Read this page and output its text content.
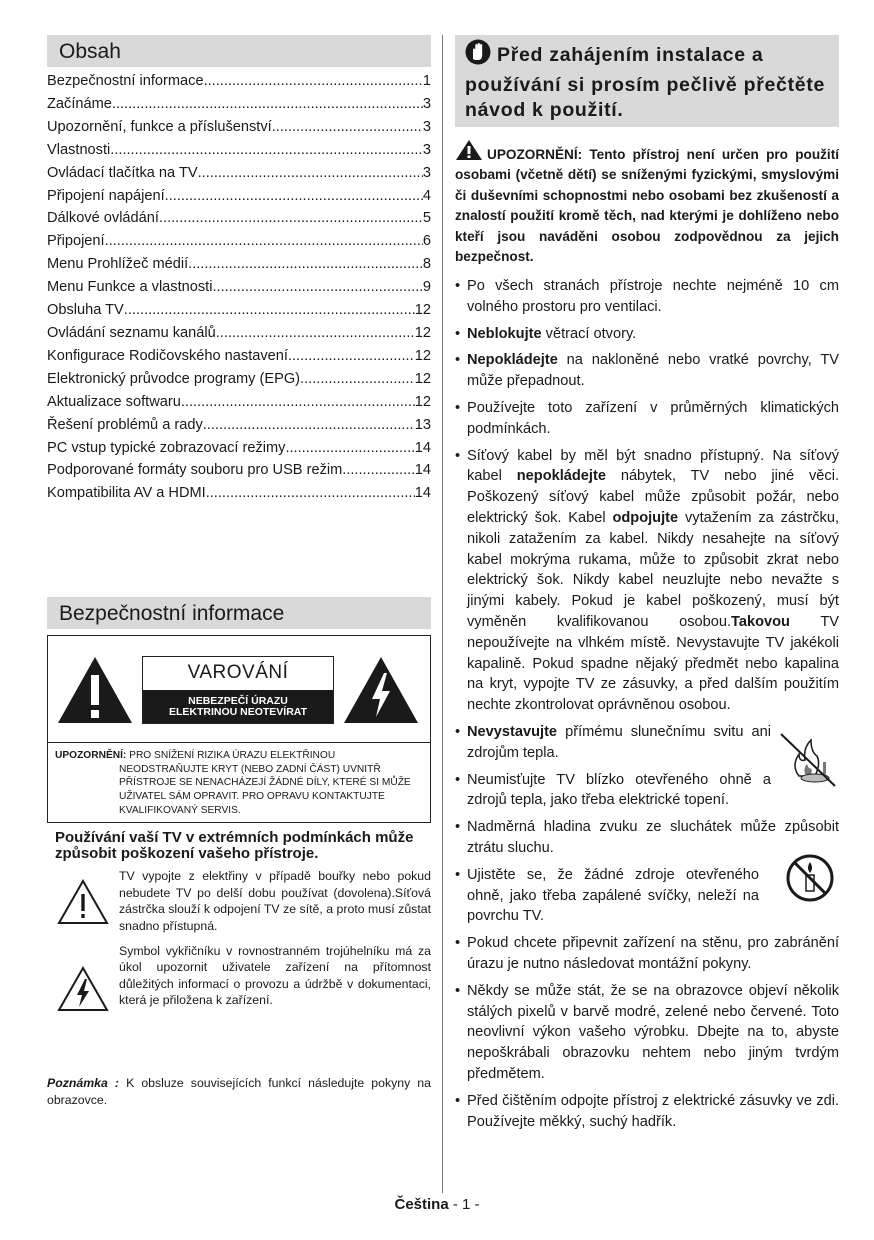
Obsah
Bezpečnostní informace .....	1
Začínáme .....	3
Upozornění, funkce a příslušenství .....	3
Vlastnosti .....	3
Ovládací tlačítka na TV .....	3
Připojení napájení .....	4
Dálkové ovládání .....	5
Připojení .....	6
Menu Prohlížeč médií .....	8
Menu Funkce a vlastnosti .....	9
Obsluha TV .....	12
Ovládání seznamu kanálů .....	12
Konfigurace Rodičovského nastavení .....	12
Elektronický průvodce programy (EPG) .....	12
Aktualizace softwaru .....	12
Řešení problémů a rady .....	13
PC vstup typické zobrazovací režimy .....	14
Podporované formáty souboru pro USB režim .....	14
Kompatibilita AV a HDMI .....	14
Bezpečnostní informace
VAROVÁNÍ
NEBEZPEČÍ ÚRAZU
ELEKTRINOU NEOTEVÍRAT
UPOZORNĚNÍ: PRO SNÍŽENÍ RIZIKA ÚRAZU ELEKTŘINOU
NEODSTRAŇUJTE KRYT (NEBO ZADNÍ ČÁST) UVNITŘ PŘÍSTROJE SE NENACHÁZEJÍ ŽÁDNÉ DÍLY, KTERÉ SI MŮŽE UŽIVATEL SÁM OPRAVIT. PRO OPRAVU KONTAKTUJTE KVALIFIKOVANÝ SERVIS.
Používání vaší TV v extrémních podmínkách může způsobit poškození vašeho přístroje.

TV vypojte z elektřiny v případě bouřky nebo pokud nebudete TV po delší dobu používat (dovolena).Síťová zástrčka slouží k odpojení TV ze sítě, a proto musí zůstat snadno přístupná.

Symbol vykřičníku v rovnostranném trojúhelníku má za úkol upozornit uživatele zařízení na přítomnost důležitých informací o provozu a údržbě v dokumentaci, která je přiložena k zařízení.

Poznámka : K obsluze souvisejících funkcí následujte pokyny na obrazovce.
Před zahájením instalace a používání si prosím pečlivě přečtěte návod k použití.
UPOZORNĚNÍ: Tento přístroj není určen pro použití osobami (včetně dětí) se sníženými fyzickými, smyslovými či duševními schopnostmi nebo osobami bez zkušeností a znalostí použití kromě těch, nad kterými je dohlíženo nebo kteří jsou naváděni osobou zodpovědnou za jejich bezpečnost.
• Po všech stranách přístroje nechte nejméně 10 cm volného prostoru pro ventilaci.
• Neblokujte větrací otvory.
• Nepokládejte na nakloněné nebo vratké povrchy, TV může přepadnout.
• Používejte toto zařízení v průměrných klimatických podmínkách.
• Síťový kabel by měl být snadno přístupný. Na síťový kabel nepokládejte nábytek, TV nebo jiné věci. Poškozený síťový kabel může způsobit požár, nebo elektrický šok. Kabel odpojujte vytažením za zástrčku, nikoli zatažením za kabel. Nikdy nesahejte na síťový kabel mokrýma rukama, může to způsobit zkrat nebo elektrický šok. Nikdy kabel neuzlujte nebo nevažte s jinými kabely. Pokud je kabel poškozený, musí být vyměněn kvalifikovanou osobou.Takovou TV nepoužívejte na vlhkém místě. Nevystavujte TV jakékoli kapalině. Pokud spadne nějaký předmět nebo kapalina na kryt, vypojte TV ze zásuvky, a před dalším použitím nechte zkontrolovat oprávněnou osobou.
• Nevystavujte přímému slunečnímu svitu ani zdrojům tepla.
• Neumisťujte TV blízko otevřeného ohně a zdrojů tepla, jako třeba elektrické topení.
• Nadměrná hladina zvuku ze sluchátek může způsobit ztrátu sluchu.
• Ujistěte se, že žádné zdroje otevřeného ohně, jako třeba zapálené svíčky, neleží na povrchu TV.
• Pokud chcete připevnit zařízení na stěnu, pro zabránění úrazu je nutno následovat montážní pokyny.
• Někdy se může stát, že se na obrazovce objeví několik stálých pixelů v barvě modré, zelené nebo červené. Toto neovlivní výkon vašeho výrobku. Dbejte na to, abyste nepoškrábali obrazovku nehtem nebo jiným tvrdým předmětem.
• Před čištěním odpojte přístroj z elektrické zásuvky ve zdi. Používejte měkký, suchý hadřík.
Čeština - 1 -
